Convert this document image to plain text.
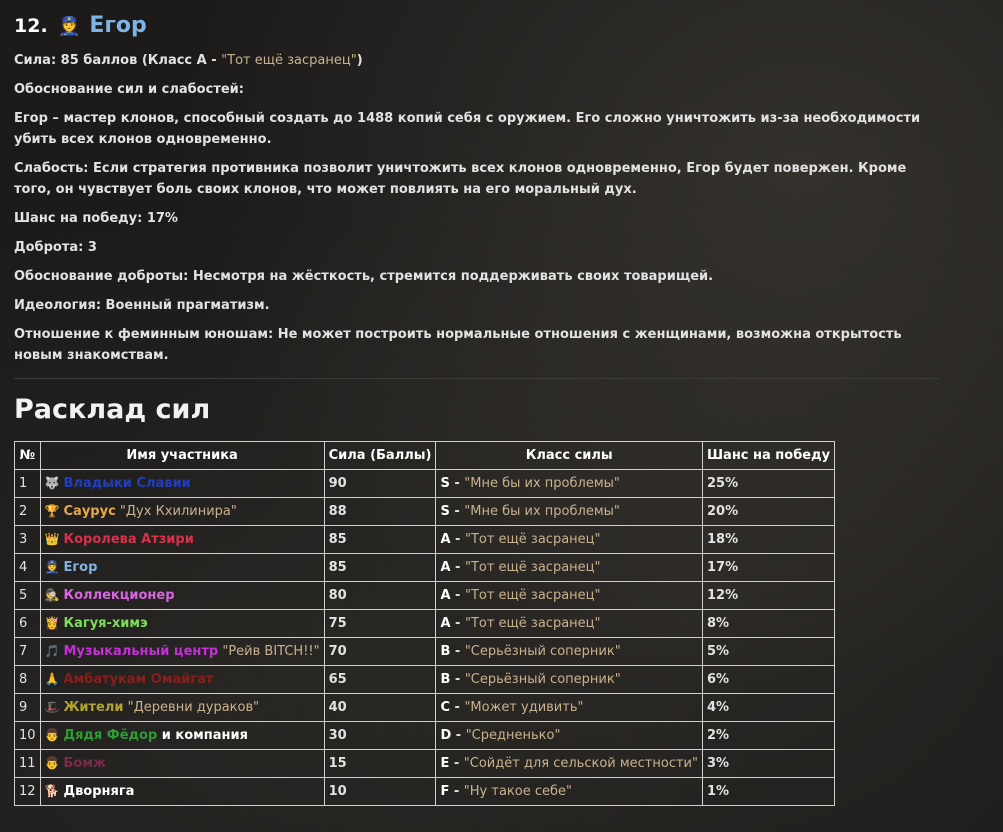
12. 👮 Егор

Сила: 85 баллов (Класс А - "Тот ещё засранец")

Обоснование сил и слабостей:

Егор – мастер клонов, способный создать до 1488 копий себя с оружием. Его сложно уничтожить из-за необходимости убить всех клонов одновременно.

Слабость: Если стратегия противника позволит уничтожить всех клонов одновременно, Егор будет повержен. Кроме того, он чувствует боль своих клонов, что может повлиять на его моральный дух.

Шанс на победу: 17%

Доброта: 3

Обоснование доброты: Несмотря на жёсткость, стремится поддерживать своих товарищей.

Идеология: Военный прагматизм.

Отношение к феминным юношам: Не может построить нормальные отношения с женщинами, возможна открытость новым знакомствам.

Расклад сил
№	Имя участника	Сила (Баллы)	Класс силы	Шанс на победу
1	🐺 Владыки Славии	90	S - "Мне бы их проблемы"	25%
2	🏆 Саурус "Дух Кхилинира"	88	S - "Мне бы их проблемы"	20%
3	👑 Королева Атзири	85	A - "Тот ещё засранец"	18%
4	👮 Егор	85	A - "Тот ещё засранец"	17%
5	🕵 Коллекционер	80	A - "Тот ещё засранец"	12%
6	👸 Кагуя-химэ	75	A - "Тот ещё засранец"	8%
7	🎵 Музыкальный центр "Рейв BITCH!!"	70	B - "Серьёзный соперник"	5%
8	🙏 Амбатукам Омайгат	65	B - "Серьёзный соперник"	6%
9	🎩 Жители "Деревни дураков"	40	C - "Может удивить"	4%
10	👨 Дядя Фёдор и компания	30	D - "Средненько"	2%
11	👨 Бомж	15	E - "Сойдёт для сельской местности"	3%
12	🐕 Дворняга	10	F - "Ну такое себе"	1%
